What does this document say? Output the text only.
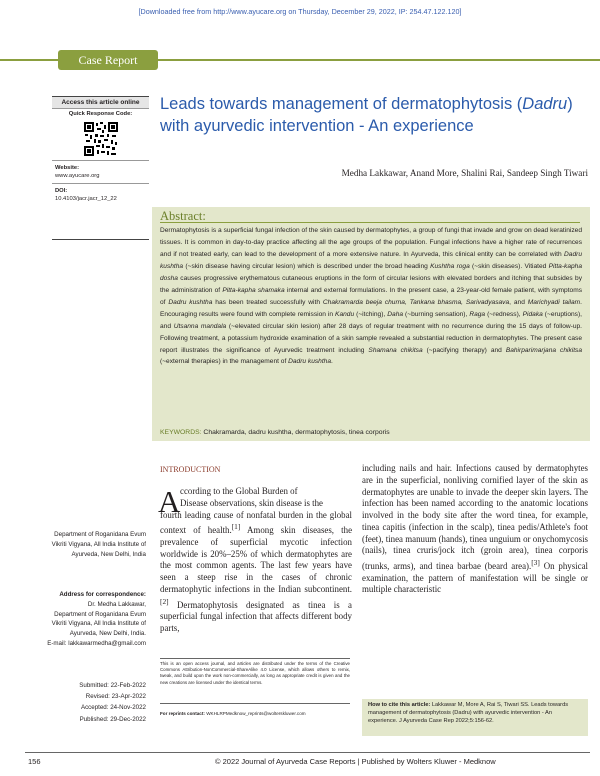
[Downloaded free from http://www.ayucare.org on Thursday, December 29, 2022, IP: 254.47.122.120]
Case Report
Access this article online
Quick Response Code:
Website:
www.ayucare.org
DOI:
10.4103/jacr.jacr_12_22
Leads towards management of dermatophytosis (Dadru) with ayurvedic intervention - An experience
Medha Lakkawar, Anand More, Shalini Rai, Sandeep Singh Tiwari
Abstract:
Dermatophytosis is a superficial fungal infection of the skin caused by dermatophytes, a group of fungi that invade and grow on dead keratinized tissues. It is common in day-to-day practice affecting all the age groups of the population. Fungal infections have a higher rate of recurrences and if not treated early, can lead to the development of a more extensive nature. In Ayurveda, this clinical entity can be correlated with Dadru kushtha (~skin disease having circular lesion) which is described under the broad heading Kushtha roga (~skin diseases). Vitiated Pitta-kapha dosha causes progressive erythematous cutaneous eruptions in the form of circular lesions with elevated borders and itching that subsides by the administration of Pitta-kapha shamaka internal and external formulations. In the present case, a 23-year-old female patient, with symptoms of Dadru kushtha has been treated successfully with Chakramarda beeja churna, Tankana bhasma, Sarivadyasava, and Marichyadi tailam. Encouraging results were found with complete remission in Kandu (~itching), Daha (~burning sensation), Raga (~redness), Pidaka (~eruptions), and Utsanna mandala (~elevated circular skin lesion) after 28 days of regular treatment with no recurrence during the 15 days of follow-up. Following treatment, a potassium hydroxide examination of a skin sample revealed a substantial reduction in dermatophytes. The present case report illustrates the significance of Ayurvedic treatment including Shamana chikitsa (~pacifying therapy) and Bahirparimarjana chikitsa (~external therapies) in the management of Dadru kushtha.
KEYWORDS: Chakramarda, dadru kushtha, dermatophytosis, tinea corporis
INTRODUCTION
A ccording to the Global Burden of
Disease observations, skin disease is the
fourth leading cause of nonfatal burden in the global context of health.[1] Among skin diseases, the prevalence of superficial mycotic infection worldwide is 20%–25% of which dermatophytes are the most common agents. The last few years have seen a steep rise in the cases of chronic dermatophytic infections in the Indian subcontinent.[2] Dermatophytosis designated as tinea is a superficial fungal infection that affects different body parts,
including nails and hair. Infections caused by dermatophytes are in the superficial, nonliving cornified layer of the skin as dermatophytes are unable to invade the deeper skin layers. The infection has been named according to the anatomic locations involved in the body site after the word tinea, for example, tinea capitis (infection in the scalp), tinea pedis/Athlete's foot (feet), tinea manuum (hands), tinea unguium or onychomycosis (nails), tinea cruris/jock itch (groin area), tinea corporis (trunks, arms), and tinea barbae (beard area).[3] On physical examination, the pattern of manifestation will be single or multiple characteristic
Department of Roganidana Evum Vikriti Vigyana, All India Institute of Ayurveda, New Delhi, India
Address for correspondence:
Dr. Medha Lakkawar,
Department of Roganidana Evum Vikriti Vigyana, All India Institute of Ayurveda, New Delhi, India.
E-mail: lakkawarmedha@gmail.com
Submitted: 22-Feb-2022
Revised: 23-Apr-2022
Accepted: 24-Nov-2022
Published: 29-Dec-2022
This is an open access journal, and articles are distributed under the terms of the Creative Commons Attribution-NonCommercial-ShareAlike 4.0 License, which allows others to remix, tweak, and build upon the work non-commercially, as long as appropriate credit is given and the new creations are licensed under the identical terms.
For reprints contact: WKHLRPMedknow_reprints@wolterskluwer.com
How to cite this article: Lakkawar M, More A, Rai S, Tiwari SS. Leads towards management of dermatophytosis (Dadru) with ayurvedic intervention - An experience. J Ayurveda Case Rep 2022;5:156-62.
156	© 2022 Journal of Ayurveda Case Reports | Published by Wolters Kluwer - Medknow
